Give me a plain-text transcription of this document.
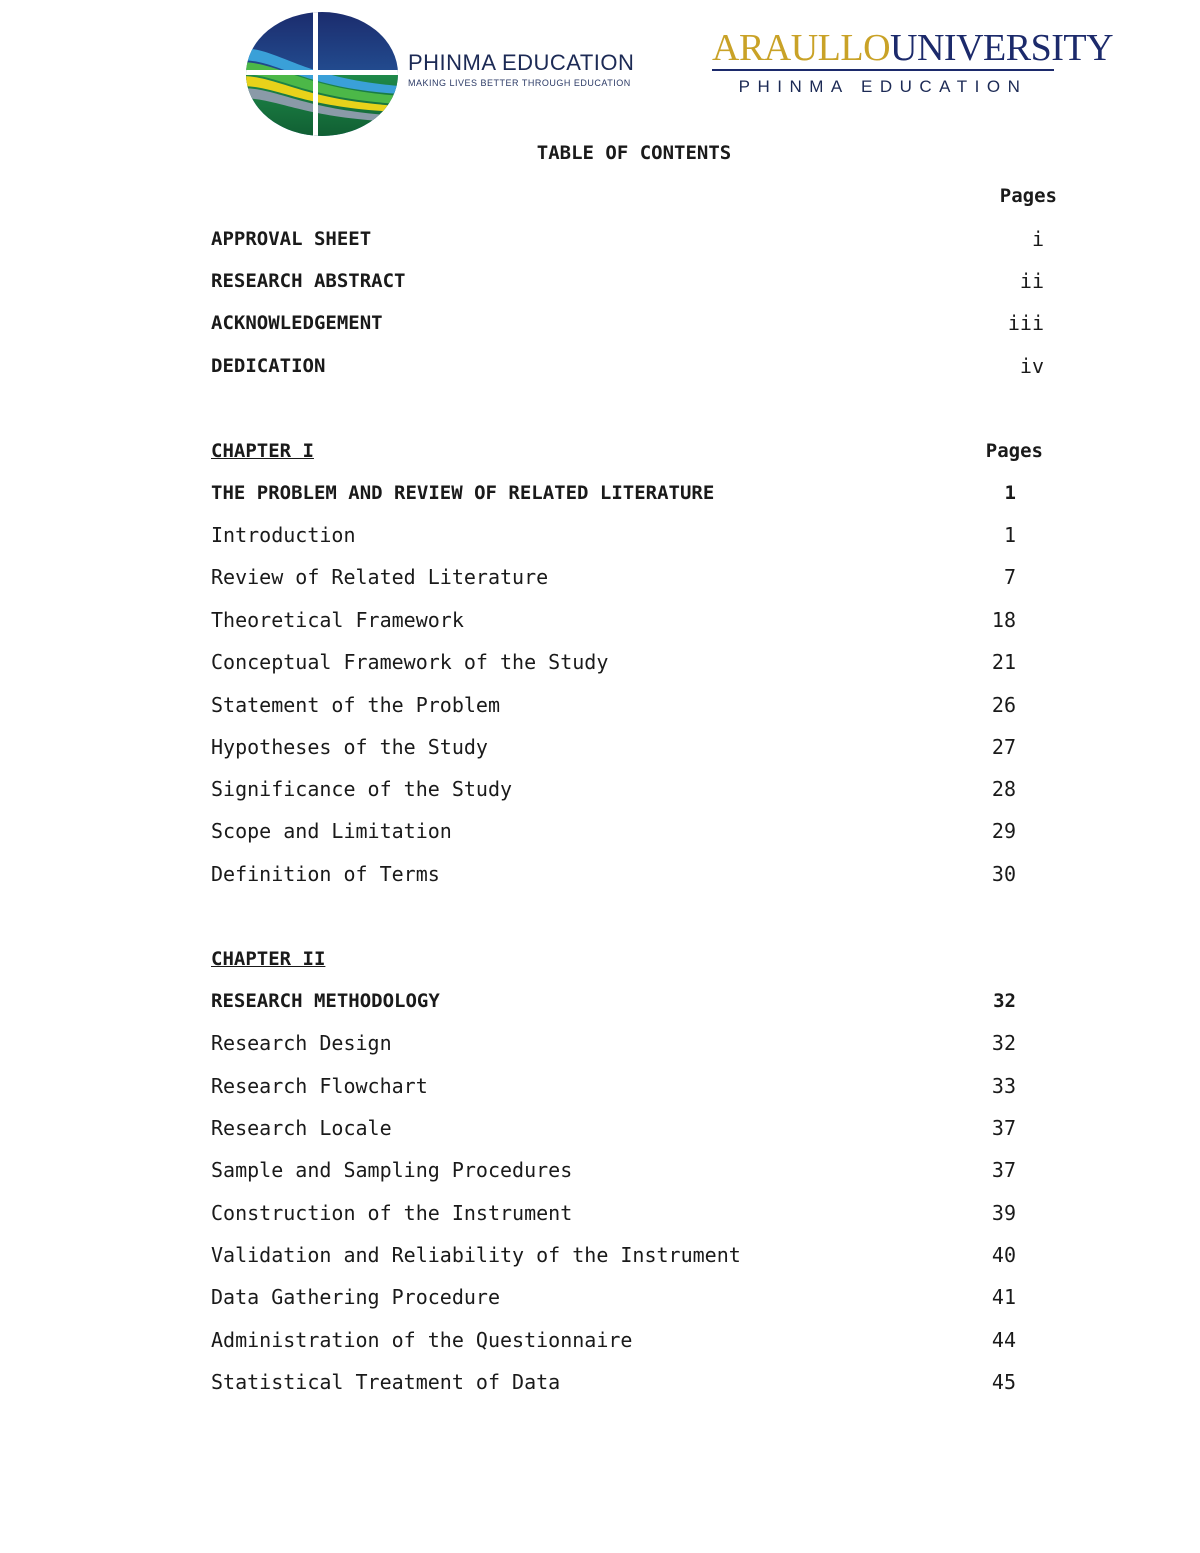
PHINMA EDUCATION
MAKING LIVES BETTER THROUGH EDUCATION
ARAULLOUNIVERSITY
PHINMA EDUCATION
TABLE OF CONTENTS
Pages
APPROVAL SHEET	i
RESEARCH ABSTRACT	ii
ACKNOWLEDGEMENT	iii
DEDICATION	iv
CHAPTER I	Pages
THE PROBLEM AND REVIEW OF RELATED LITERATURE	1
Introduction	1
Review of Related Literature	7
Theoretical Framework	18
Conceptual Framework of the Study	21
Statement of the Problem	26
Hypotheses of the Study	27
Significance of the Study	28
Scope and Limitation	29
Definition of Terms	30
CHAPTER II
RESEARCH METHODOLOGY	32
Research Design	32
Research Flowchart	33
Research Locale	37
Sample and Sampling Procedures	37
Construction of the Instrument	39
Validation and Reliability of the Instrument	40
Data Gathering Procedure	41
Administration of the Questionnaire	44
Statistical Treatment of Data	45
